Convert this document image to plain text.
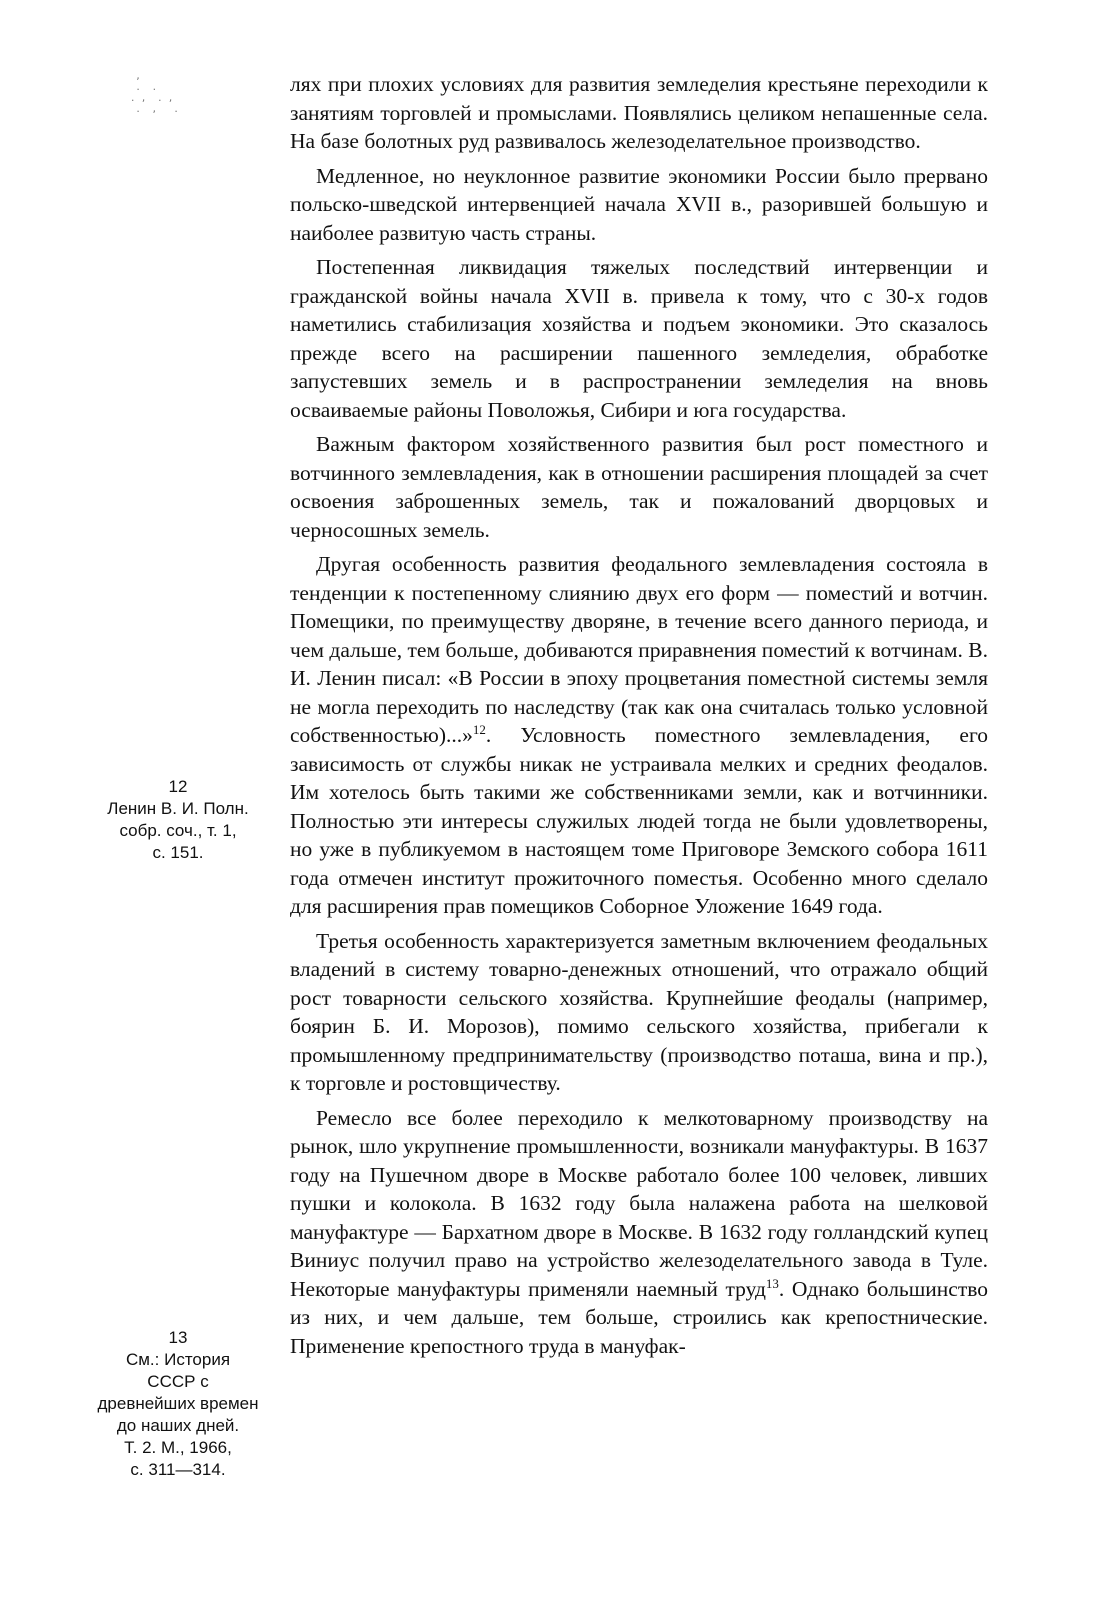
,
.  .
. ,  . ,
.  ,   .

лях при плохих условиях для развития земледелия крестьяне переходили к занятиям торговлей и промыслами. Появлялись целиком непашенные села. На базе болотных руд развивалось железоделательное производство.

Медленное, но неуклонное развитие экономики России было прервано польско-шведской интервенцией начала XVII в., разорившей большую и наиболее развитую часть страны.

Постепенная ликвидация тяжелых последствий интервенции и гражданской войны начала XVII в. привела к тому, что с 30-х годов наметились стабилизация хозяйства и подъем экономики. Это сказалось прежде всего на расширении пашенного земледелия, обработке запустевших земель и в распространении земледелия на вновь осваиваемые районы Поволожья, Сибири и юга государства.

Важным фактором хозяйственного развития был рост поместного и вотчинного землевладения, как в отношении расширения площадей за счет освоения заброшенных земель, так и пожалований дворцовых и черносошных земель.

Другая особенность развития феодального землевладения состояла в тенденции к постепенному слиянию двух его форм — поместий и вотчин. Помещики, по преимуществу дворяне, в течение всего данного периода, и чем дальше, тем больше, добиваются приравнения поместий к вотчинам. В. И. Ленин писал: «В России в эпоху процветания поместной системы земля не могла переходить по наследству (так как она считалась только условной собственностью)...»$^{12}$. Условность поместного землевладения, его зависимость от службы никак не устраивала мелких и средних феодалов. Им хотелось быть такими же собственниками земли, как и вотчинники. Полностью эти интересы служилых людей тогда не были удовлетворены, но уже в публикуемом в настоящем томе Приговоре Земского собора 1611 года отмечен институт прожиточного поместья. Особенно много сделало для расширения прав помещиков Соборное Уложение 1649 года.

Третья особенность характеризуется заметным включением феодальных владений в систему товарно-денежных отношений, что отражало общий рост товарности сельского хозяйства. Крупнейшие феодалы (например, боярин Б. И. Морозов), помимо сельского хозяйства, прибегали к промышленному предпринимательству (производство поташа, вина и пр.), к торговле и ростовщичеству.

Ремесло все более переходило к мелкотоварному производству на рынок, шло укрупнение промышленности, возникали мануфактуры. В 1637 году на Пушечном дворе в Москве работало более 100 человек, ливших пушки и колокола. В 1632 году была налажена работа на шелковой мануфактуре — Бархатном дворе в Москве. В 1632 году голландский купец Виниус получил право на устройство железоделательного завода в Туле. Некоторые мануфактуры применяли наемный труд$^{13}$. Однако большинство из них, и чем дальше, тем больше, строились как крепостнические. Применение крепостного труда в мануфак-

12
Ленин В. И. Полн.
собр. соч., т. 1,
с. 151.
13
См.: История
СССР с
древнейших времен
до наших дней.
Т. 2. М., 1966,
с. 311—314.
